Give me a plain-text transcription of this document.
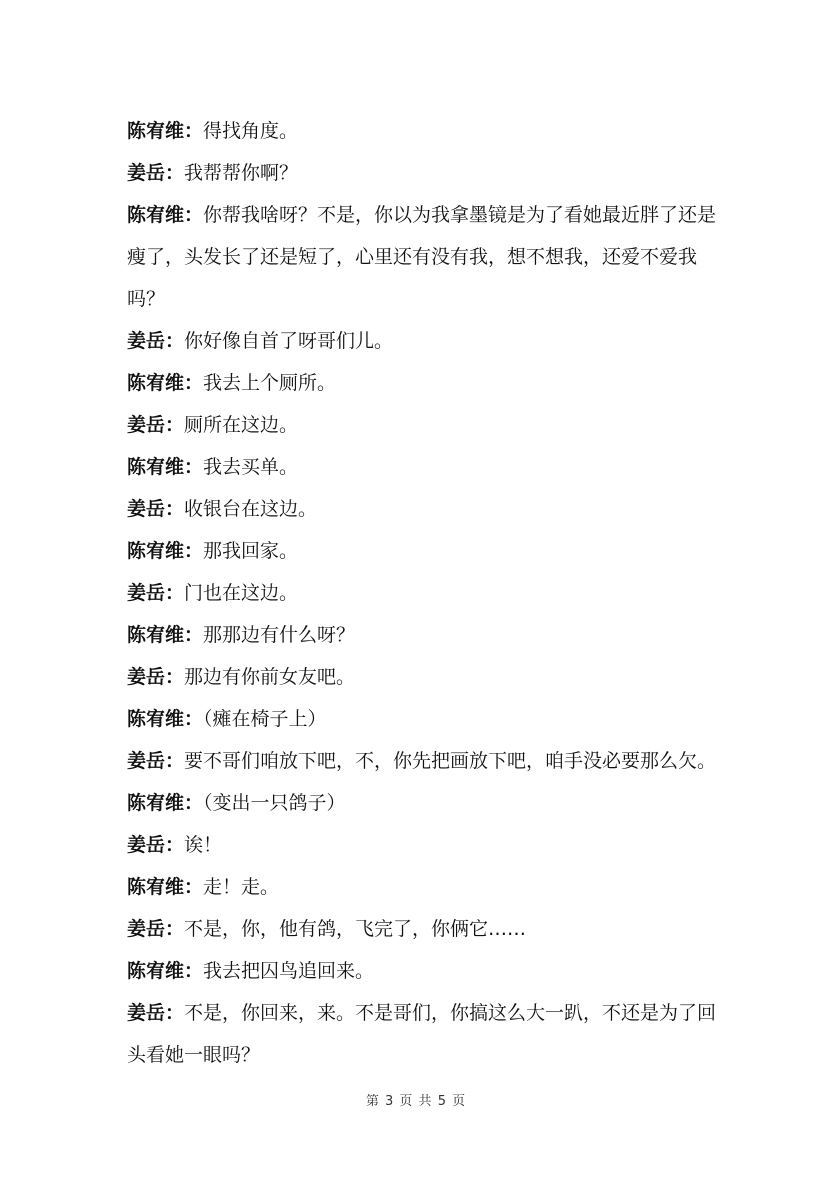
陈宥维：得找角度。

姜岳：我帮帮你啊？

陈宥维：你帮我啥呀？不是，你以为我拿墨镜是为了看她最近胖了还是瘦了，头发长了还是短了，心里还有没有我，想不想我，还爱不爱我吗？

姜岳：你好像自首了呀哥们儿。

陈宥维：我去上个厕所。

姜岳：厕所在这边。

陈宥维：我去买单。

姜岳：收银台在这边。

陈宥维：那我回家。

姜岳：门也在这边。

陈宥维：那那边有什么呀？

姜岳：那边有你前女友吧。

陈宥维：（瘫在椅子上）

姜岳：要不哥们咱放下吧，不，你先把画放下吧，咱手没必要那么欠。

陈宥维：（变出一只鸽子）

姜岳：诶！

陈宥维：走！走。

姜岳：不是，你，他有鸽，飞完了，你俩它……

陈宥维：我去把囚鸟追回来。

姜岳：不是，你回来，来。不是哥们，你搞这么大一趴，不还是为了回头看她一眼吗？

第 3 页 共 5 页
